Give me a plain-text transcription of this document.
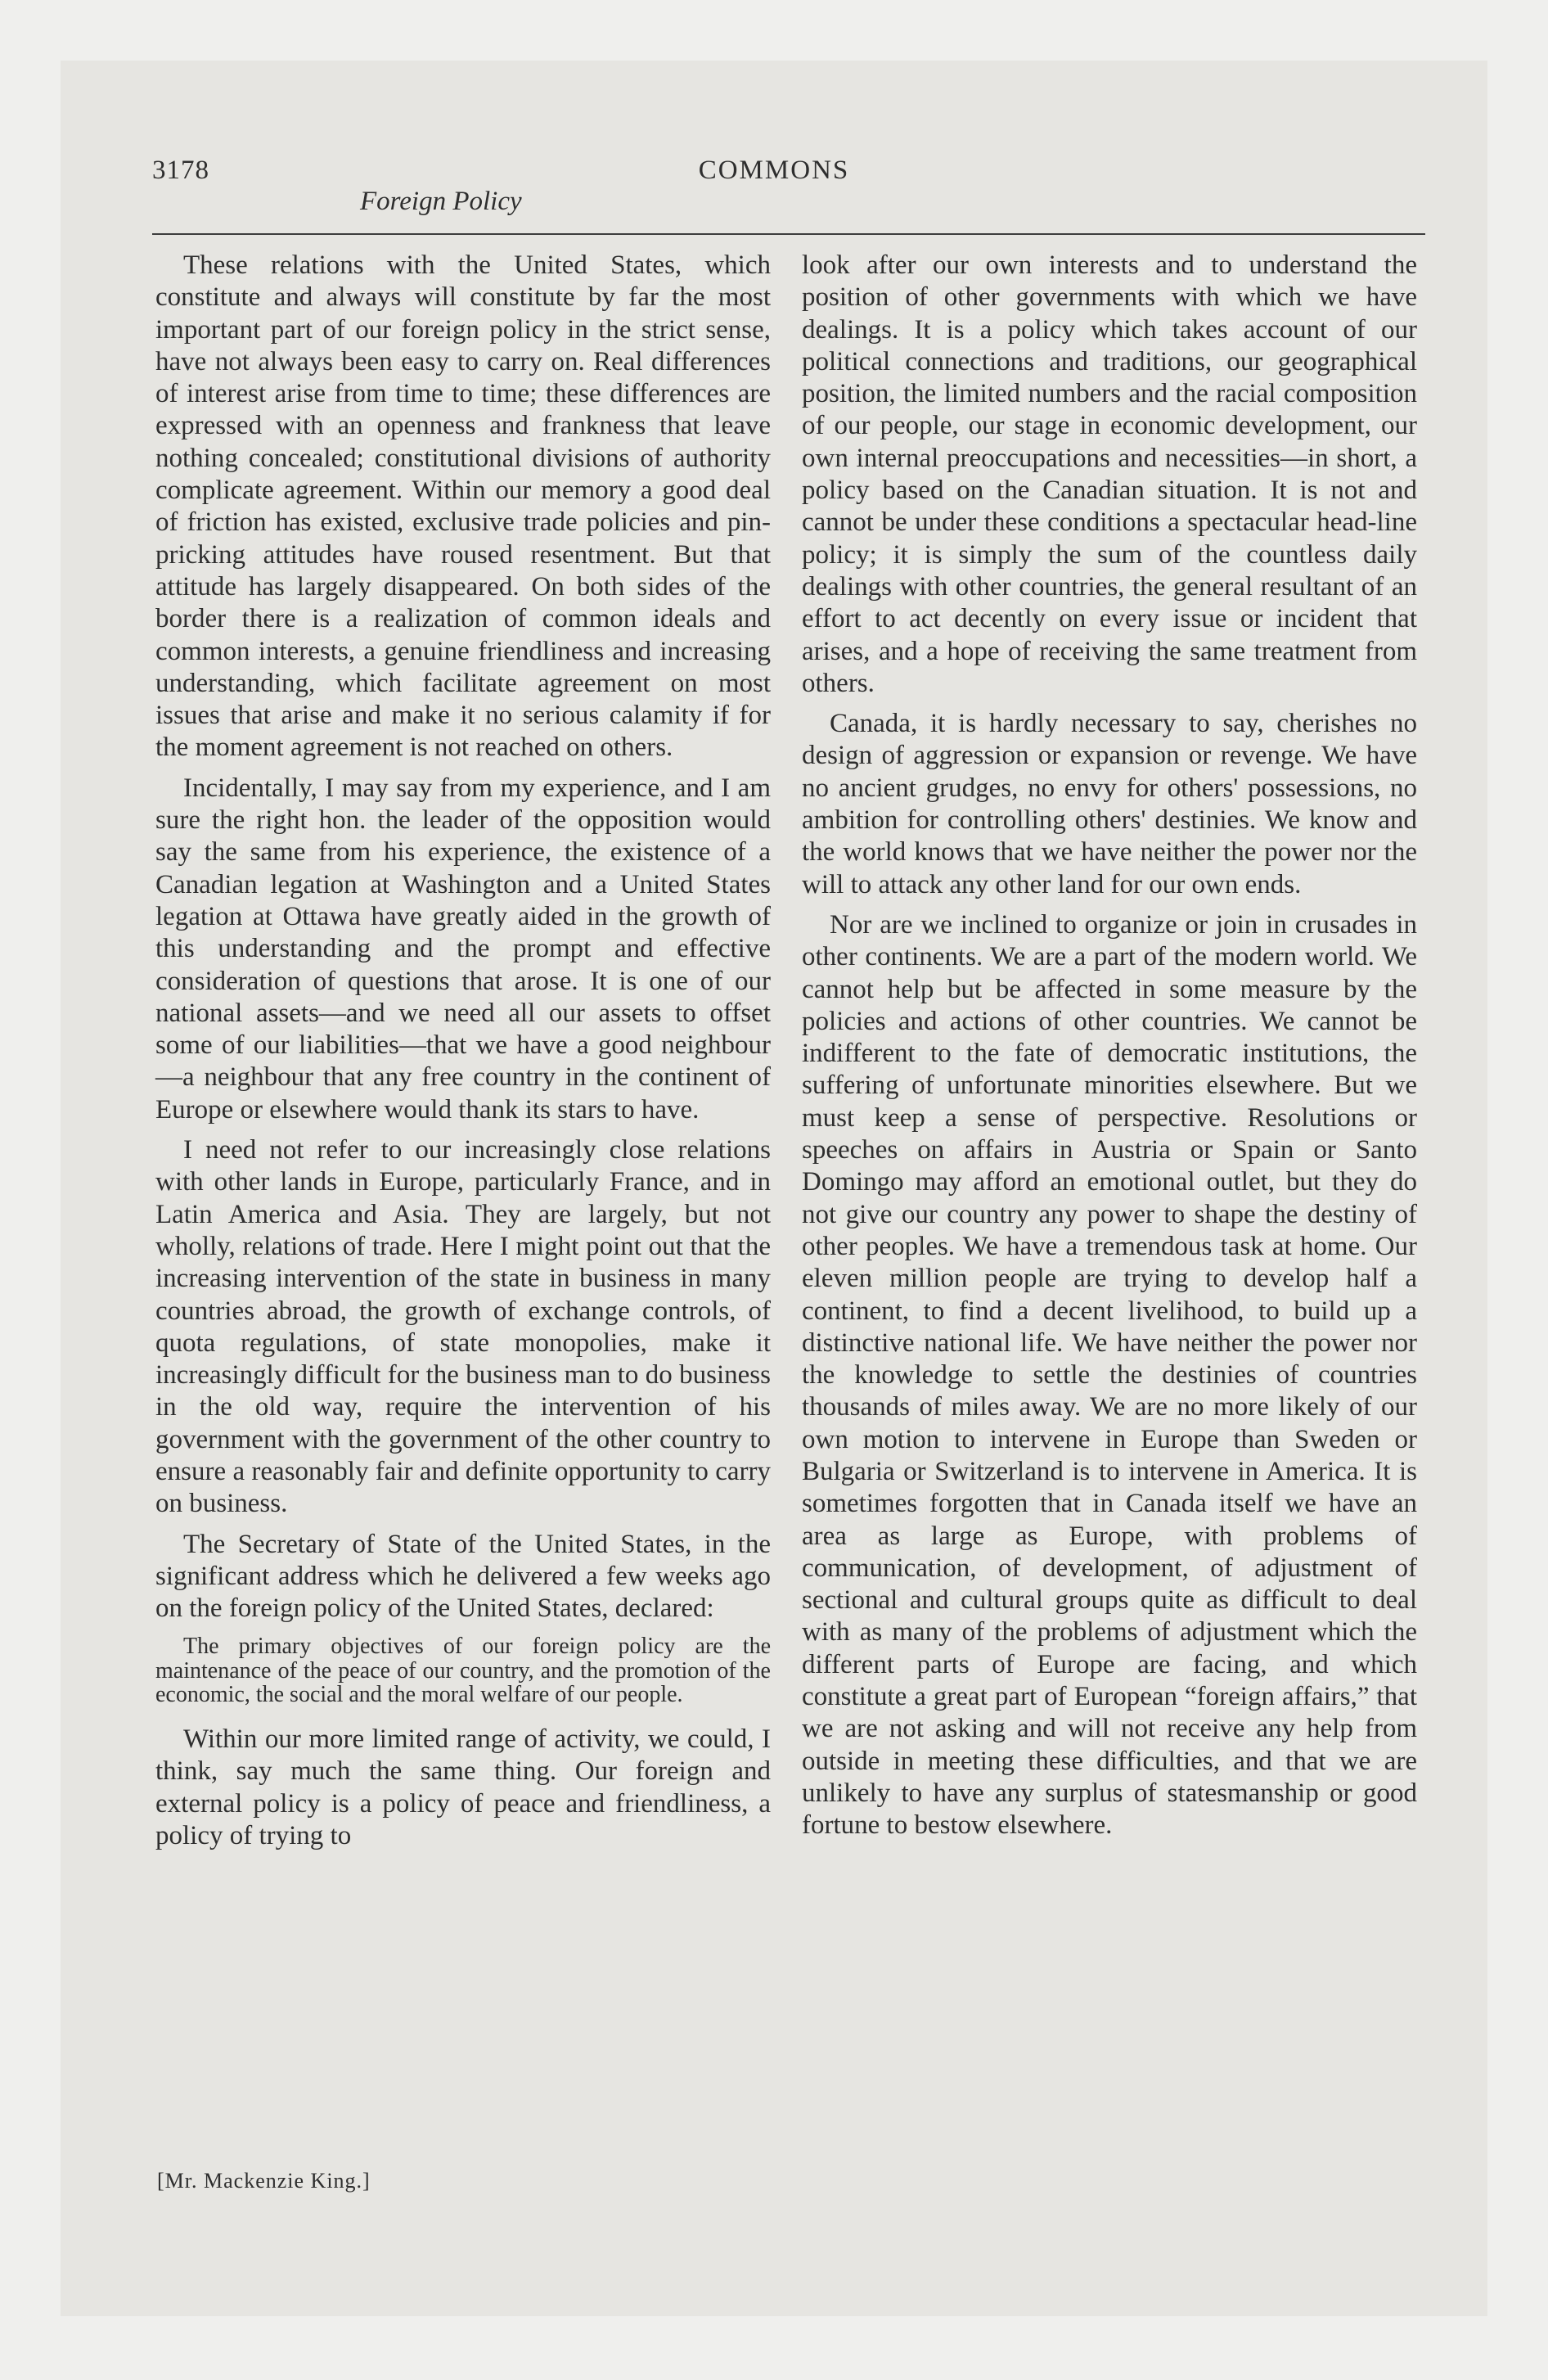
3178	COMMONS

Foreign Policy

These relations with the United States, which constitute and always will constitute by far the most important part of our foreign policy in the strict sense, have not always been easy to carry on. Real differences of interest arise from time to time; these differences are expressed with an openness and frankness that leave nothing concealed; constitutional divisions of authority complicate agreement. Within our memory a good deal of friction has existed, exclusive trade policies and pin-pricking attitudes have roused resentment. But that attitude has largely disappeared. On both sides of the border there is a realization of common ideals and common interests, a genuine friendliness and increasing understanding, which facilitate agreement on most issues that arise and make it no serious calamity if for the moment agreement is not reached on others.

Incidentally, I may say from my experience, and I am sure the right hon. the leader of the opposition would say the same from his experience, the existence of a Canadian legation at Washington and a United States legation at Ottawa have greatly aided in the growth of this understanding and the prompt and effective consideration of questions that arose. It is one of our national assets—and we need all our assets to offset some of our liabilities—that we have a good neighbour—a neighbour that any free country in the continent of Europe or elsewhere would thank its stars to have.

I need not refer to our increasingly close relations with other lands in Europe, particularly France, and in Latin America and Asia. They are largely, but not wholly, relations of trade. Here I might point out that the increasing intervention of the state in business in many countries abroad, the growth of exchange controls, of quota regulations, of state monopolies, make it increasingly difficult for the business man to do business in the old way, require the intervention of his government with the government of the other country to ensure a reasonably fair and definite opportunity to carry on business.

The Secretary of State of the United States, in the significant address which he delivered a few weeks ago on the foreign policy of the United States, declared:

The primary objectives of our foreign policy are the maintenance of the peace of our country, and the promotion of the economic, the social and the moral welfare of our people.

Within our more limited range of activity, we could, I think, say much the same thing. Our foreign and external policy is a policy of peace and friendliness, a policy of trying to

look after our own interests and to understand the position of other governments with which we have dealings. It is a policy which takes account of our political connections and traditions, our geographical position, the limited numbers and the racial composition of our people, our stage in economic development, our own internal preoccupations and necessities—in short, a policy based on the Canadian situation. It is not and cannot be under these conditions a spectacular head-line policy; it is simply the sum of the countless daily dealings with other countries, the general resultant of an effort to act decently on every issue or incident that arises, and a hope of receiving the same treatment from others.

Canada, it is hardly necessary to say, cherishes no design of aggression or expansion or revenge. We have no ancient grudges, no envy for others' possessions, no ambition for controlling others' destinies. We know and the world knows that we have neither the power nor the will to attack any other land for our own ends.

Nor are we inclined to organize or join in crusades in other continents. We are a part of the modern world. We cannot help but be affected in some measure by the policies and actions of other countries. We cannot be indifferent to the fate of democratic institutions, the suffering of unfortunate minorities elsewhere. But we must keep a sense of perspective. Resolutions or speeches on affairs in Austria or Spain or Santo Domingo may afford an emotional outlet, but they do not give our country any power to shape the destiny of other peoples. We have a tremendous task at home. Our eleven million people are trying to develop half a continent, to find a decent livelihood, to build up a distinctive national life. We have neither the power nor the knowledge to settle the destinies of countries thousands of miles away. We are no more likely of our own motion to intervene in Europe than Sweden or Bulgaria or Switzerland is to intervene in America. It is sometimes forgotten that in Canada itself we have an area as large as Europe, with problems of communication, of development, of adjustment of sectional and cultural groups quite as difficult to deal with as many of the problems of adjustment which the different parts of Europe are facing, and which constitute a great part of European “foreign affairs,” that we are not asking and will not receive any help from outside in meeting these difficulties, and that we are unlikely to have any surplus of statesmanship or good fortune to bestow elsewhere.

[Mr. Mackenzie King.]
